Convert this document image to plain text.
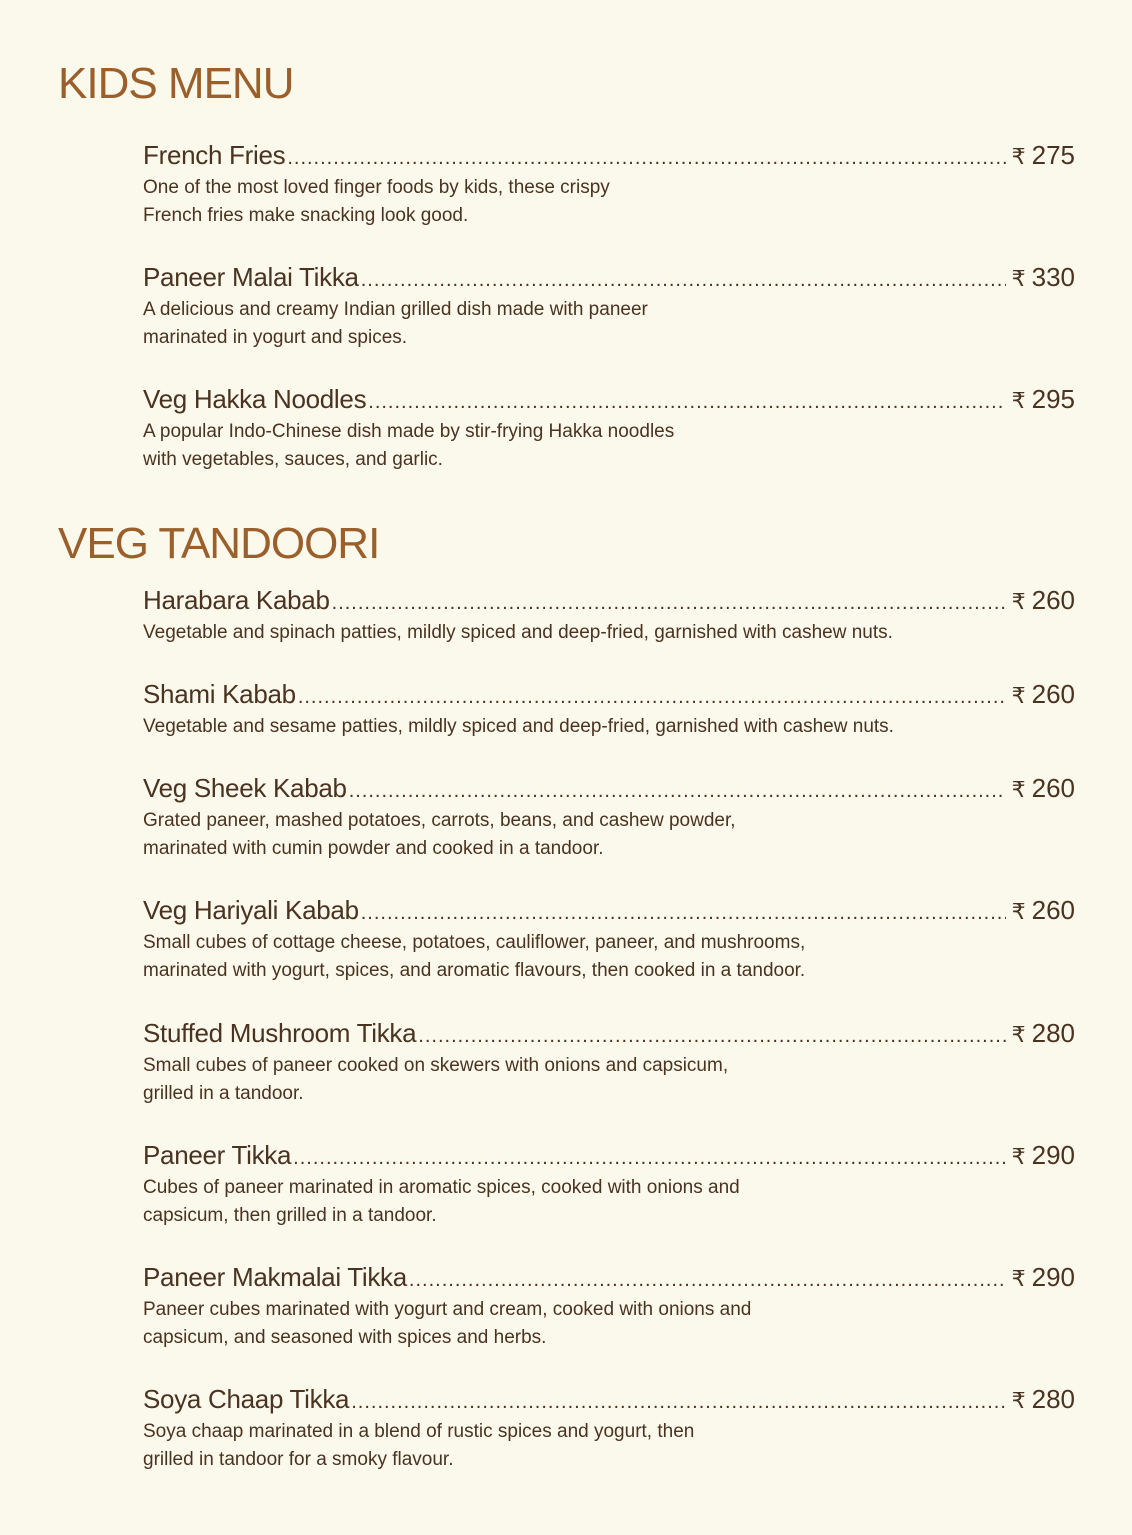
KIDS MENU
French Fries .....	₹ 275
One of the most loved finger foods by kids, these crispy
French fries make snacking look good.
Paneer Malai Tikka .....	₹ 330
A delicious and creamy Indian grilled dish made with paneer
marinated in yogurt and spices.
Veg Hakka Noodles .....	₹ 295
A popular Indo-Chinese dish made by stir-frying Hakka noodles
with vegetables, sauces, and garlic.
VEG TANDOORI
Harabara Kabab .....	₹ 260
Vegetable and spinach patties, mildly spiced and deep-fried, garnished with cashew nuts.
Shami Kabab .....	₹ 260
Vegetable and sesame patties, mildly spiced and deep-fried, garnished with cashew nuts.
Veg Sheek Kabab .....	₹ 260
Grated paneer, mashed potatoes, carrots, beans, and cashew powder,
marinated with cumin powder and cooked in a tandoor.
Veg Hariyali Kabab .....	₹ 260
Small cubes of cottage cheese, potatoes, cauliflower, paneer, and mushrooms,
marinated with yogurt, spices, and aromatic flavours, then cooked in a tandoor.
Stuffed Mushroom Tikka .....	₹ 280
Small cubes of paneer cooked on skewers with onions and capsicum,
grilled in a tandoor.
Paneer Tikka .....	₹ 290
Cubes of paneer marinated in aromatic spices, cooked with onions and
capsicum, then grilled in a tandoor.
Paneer Makmalai Tikka .....	₹ 290
Paneer cubes marinated with yogurt and cream, cooked with onions and
capsicum, and seasoned with spices and herbs.
Soya Chaap Tikka .....	₹ 280
Soya chaap marinated in a blend of rustic spices and yogurt, then
grilled in tandoor for a smoky flavour.
